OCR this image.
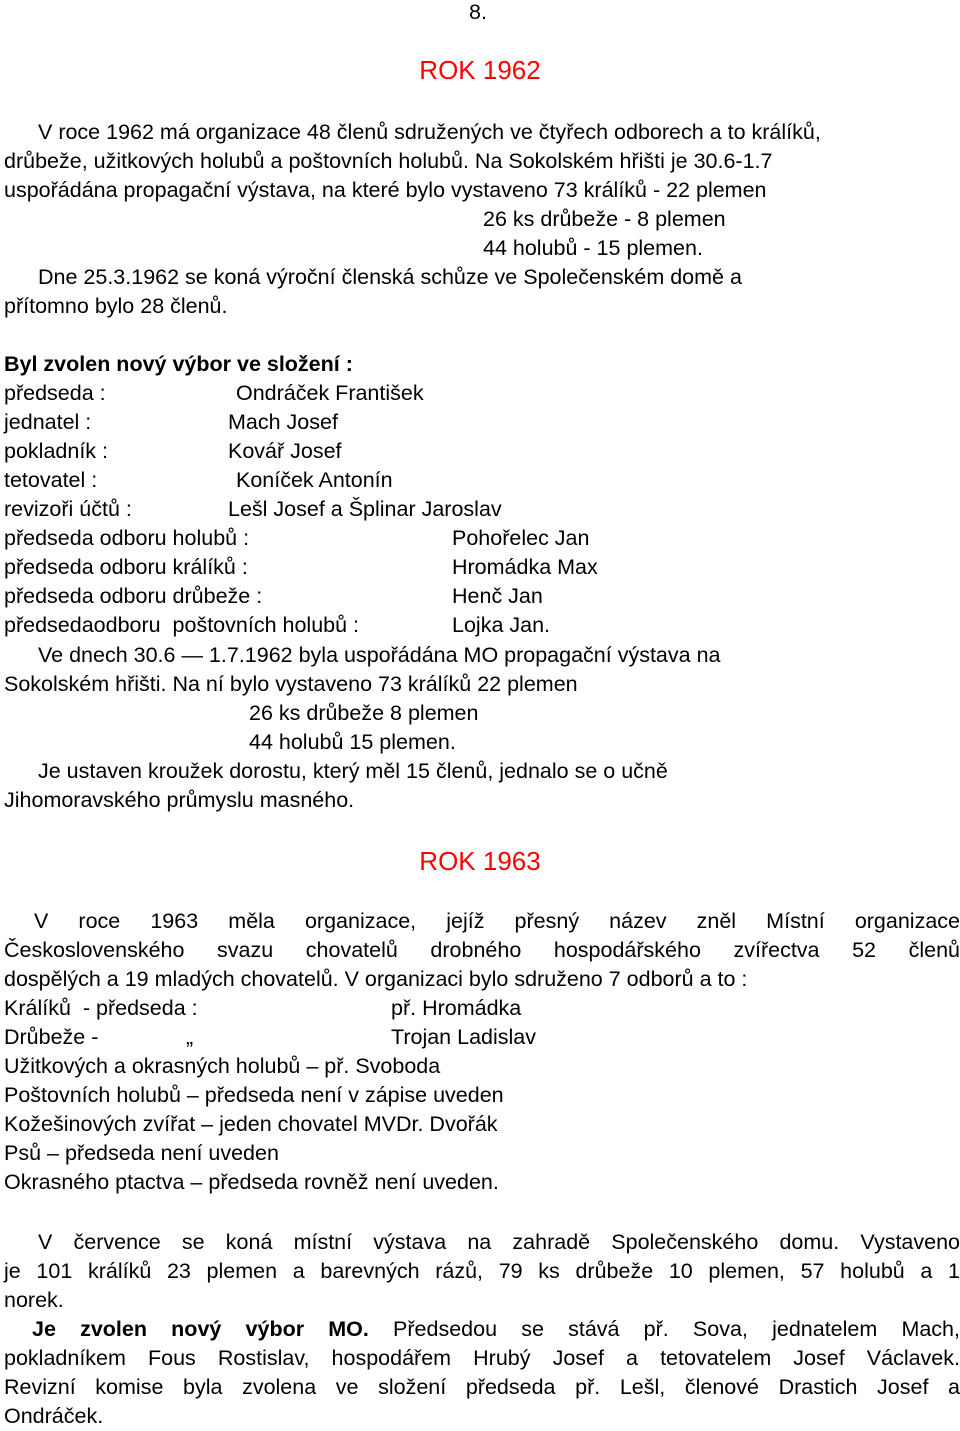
8.
ROK 1962
V roce 1962 má organizace 48 členů sdružených ve čtyřech odborech a to králíků,
drůbeže, užitkových holubů a poštovních holubů. Na Sokolském hřišti je 30.6-1.7
uspořádána propagační výstava, na které bylo vystaveno 73 králíků - 22 plemen
26 ks drůbeže - 8 plemen
44 holubů - 15 plemen.
Dne 25.3.1962 se koná výroční členská schůze ve Společenském domě a
přítomno bylo 28 členů.
Byl zvolen nový výbor ve složení :
předseda :	Ondráček František
jednatel :	Mach Josef
pokladník :	Kovář Josef
tetovatel :	Koníček Antonín
revizoři účtů :	Lešl Josef a Šplinar Jaroslav
předseda odboru holubů :	Pohořelec Jan
předseda odboru králíků :	Hromádka Max
předseda odboru drůbeže :	Henč Jan
předsedaodboru  poštovních holubů :	Lojka Jan.
Ve dnech 30.6 — 1.7.1962 byla uspořádána MO propagační výstava na
Sokolském hřišti. Na ní bylo vystaveno 73 králíků 22 plemen
26 ks drůbeže 8 plemen
44 holubů 15 plemen.
Je ustaven kroužek dorostu, který měl 15 členů, jednalo se o učně
Jihomoravského průmyslu masného.
ROK 1963
V roce 1963 měla organizace, jejíž přesný název zněl Místní organizace
Československého svazu chovatelů drobného hospodářského zvířectva 52 členů
dospělých a 19 mladých chovatelů. V organizaci bylo sdruženo 7 odborů a to :
Králíků  - předseda :	př. Hromádka
Drůbeže -	„	Trojan Ladislav
Užitkových a okrasných holubů – př. Svoboda
Poštovních holubů – předseda není v zápise uveden
Kožešinových zvířat – jeden chovatel MVDr. Dvořák
Psů – předseda není uveden
Okrasného ptactva – předseda rovněž není uveden.
V července se koná místní výstava na zahradě Společenského domu. Vystaveno
je 101 králíků 23 plemen a barevných rázů, 79 ks drůbeže 10 plemen, 57 holubů a 1
norek.
Je zvolen nový výbor MO. Předsedou se stává př. Sova, jednatelem Mach,
pokladníkem Fous Rostislav, hospodářem Hrubý Josef a tetovatelem Josef Václavek.
Revizní komise byla zvolena ve složení předseda př. Lešl, členové Drastich Josef a
Ondráček.
